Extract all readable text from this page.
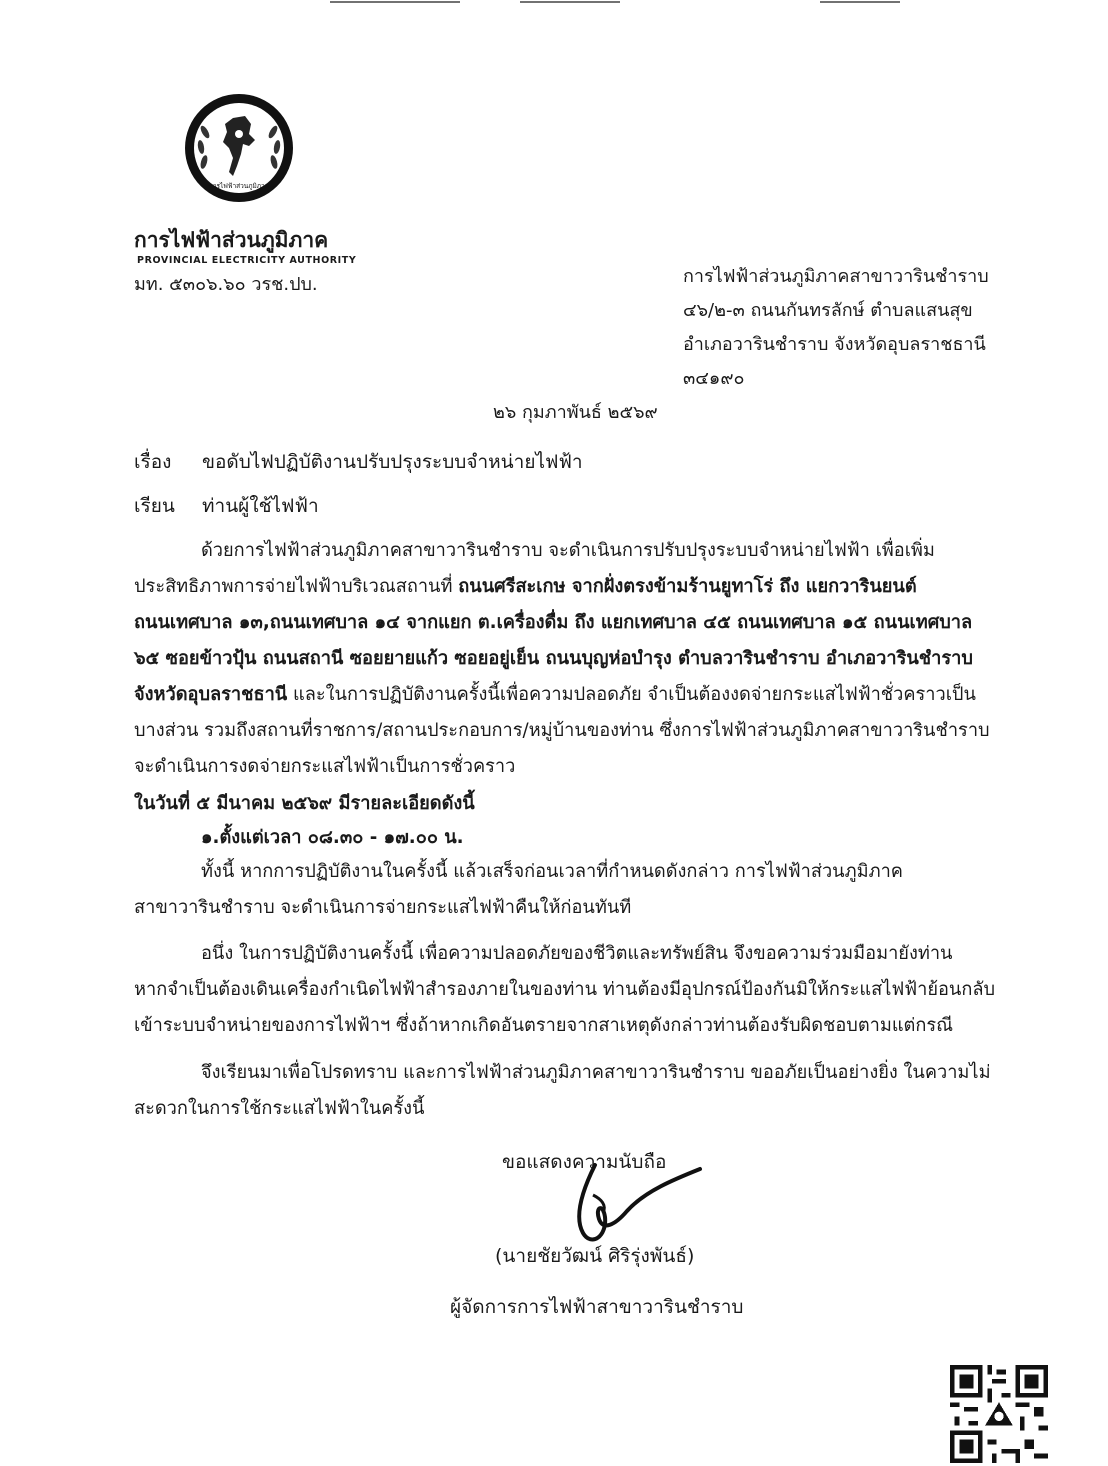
การไฟฟ้าส่วนภูมิภาค
การไฟฟ้าส่วนภูมิภาค
PROVINCIAL ELECTRICITY AUTHORITY
มท. ๕๓๐๖.๖๐ วรช.ปบ.	การไฟฟ้าส่วนภูมิภาคสาขาวารินชำราบ
๔๖/๒-๓ ถนนกันทรลักษ์ ตำบลแสนสุข
อำเภอวารินชำราบ จังหวัดอุบลราชธานี
๓๔๑๙๐
๒๖ กุมภาพันธ์ ๒๕๖๙
เรื่อง ขอดับไฟปฏิบัติงานปรับปรุงระบบจำหน่ายไฟฟ้า
เรียน ท่านผู้ใช้ไฟฟ้า

ด้วยการไฟฟ้าส่วนภูมิภาคสาขาวารินชำราบ จะดำเนินการปรับปรุงระบบจำหน่ายไฟฟ้า เพื่อเพิ่ม

ประสิทธิภาพการจ่ายไฟฟ้าบริเวณสถานที่ ถนนศรีสะเกษ จากฝั่งตรงข้ามร้านยูทาโร่ ถึง แยกวารินยนต์

ถนนเทศบาล ๑๓,ถนนเทศบาล ๑๔ จากแยก ต.เครื่องดื่ม ถึง แยกเทศบาล ๔๕ ถนนเทศบาล ๑๕ ถนนเทศบาล

๖๕ ซอยข้าวปุ้น ถนนสถานี ซอยยายแก้ว ซอยอยู่เย็น ถนนบุญห่อบำรุง ตำบลวารินชำราบ อำเภอวารินชำราบ

จังหวัดอุบลราชธานี และในการปฏิบัติงานครั้งนี้เพื่อความปลอดภัย จำเป็นต้องงดจ่ายกระแสไฟฟ้าชั่วคราวเป็น

บางส่วน รวมถึงสถานที่ราชการ/สถานประกอบการ/หมู่บ้านของท่าน ซึ่งการไฟฟ้าส่วนภูมิภาคสาขาวารินชำราบ

จะดำเนินการงดจ่ายกระแสไฟฟ้าเป็นการชั่วคราว

ในวันที่ ๕ มีนาคม ๒๕๖๙ มีรายละเอียดดังนี้

๑.ตั้งแต่เวลา ๐๘.๓๐ - ๑๗.๐๐ น.

ทั้งนี้ หากการปฏิบัติงานในครั้งนี้ แล้วเสร็จก่อนเวลาที่กำหนดดังกล่าว การไฟฟ้าส่วนภูมิภาค

สาขาวารินชำราบ จะดำเนินการจ่ายกระแสไฟฟ้าคืนให้ก่อนทันที

อนึ่ง ในการปฏิบัติงานครั้งนี้ เพื่อความปลอดภัยของชีวิตและทรัพย์สิน จึงขอความร่วมมือมายังท่าน

หากจำเป็นต้องเดินเครื่องกำเนิดไฟฟ้าสำรองภายในของท่าน ท่านต้องมีอุปกรณ์ป้องกันมิให้กระแสไฟฟ้าย้อนกลับ

เข้าระบบจำหน่ายของการไฟฟ้าฯ ซึ่งถ้าหากเกิดอันตรายจากสาเหตุดังกล่าวท่านต้องรับผิดชอบตามแต่กรณี

จึงเรียนมาเพื่อโปรดทราบ และการไฟฟ้าส่วนภูมิภาคสาขาวารินชำราบ ขออภัยเป็นอย่างยิ่ง ในความไม่

สะดวกในการใช้กระแสไฟฟ้าในครั้งนี้

ขอแสดงความนับถือ
(นายชัยวัฒน์ ศิริรุ่งพันธ์)
ผู้จัดการการไฟฟ้าสาขาวารินชำราบ
